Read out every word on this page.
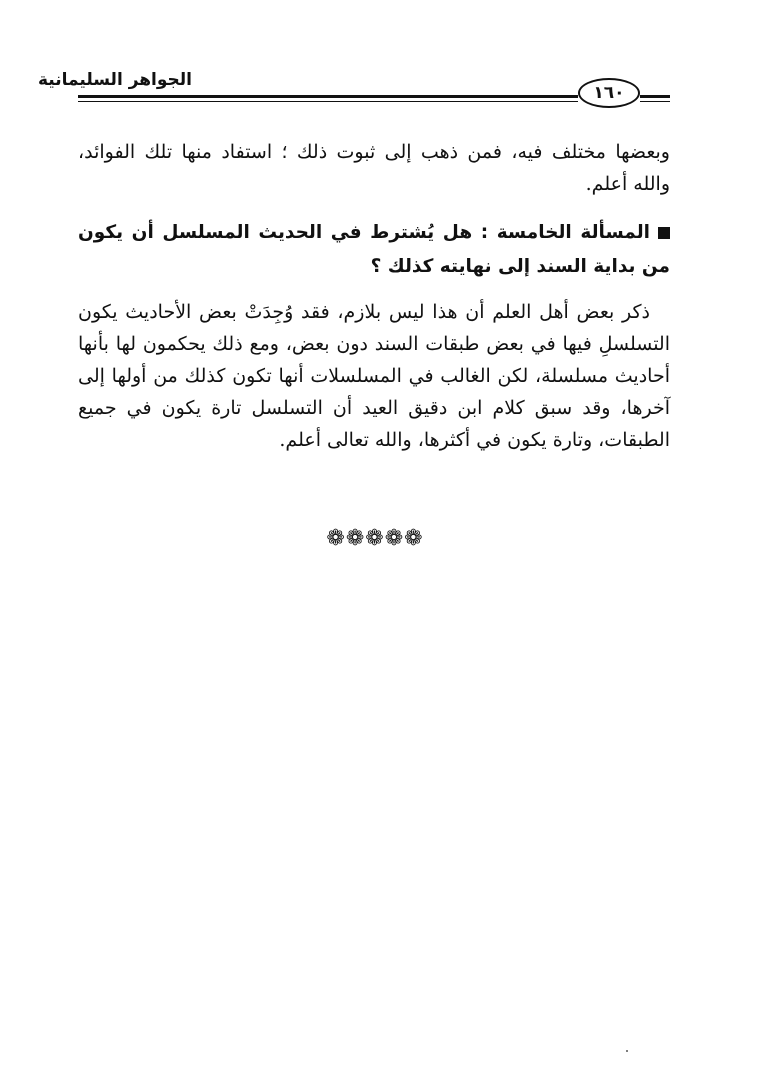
الجواهر السليمانية
١٦٠
وبعضها مختلف فيه، فمن ذهب إلى ثبوت ذلك ؛ استفاد منها تلك الفوائد، والله أعلم.
المسألة الخامسة : هل يُشترط في الحديث المسلسل أن يكون من بداية السند إلى نهايته كذلك ؟
ذكر بعض أهل العلم أن هذا ليس بلازم، فقد وُجِدَتْ بعض الأحاديث يكون التسلسلِ فيها في بعض طبقات السند دون بعض، ومع ذلك يحكمون لها بأنها أحاديث مسلسلة، لكن الغالب في المسلسلات أنها تكون كذلك من أولها إلى آخرها، وقد سبق كلام ابن دقيق العيد أن التسلسل تارة يكون في جميع الطبقات، وتارة يكون في أكثرها، والله تعالى أعلم.
❁❁❁❁❁
